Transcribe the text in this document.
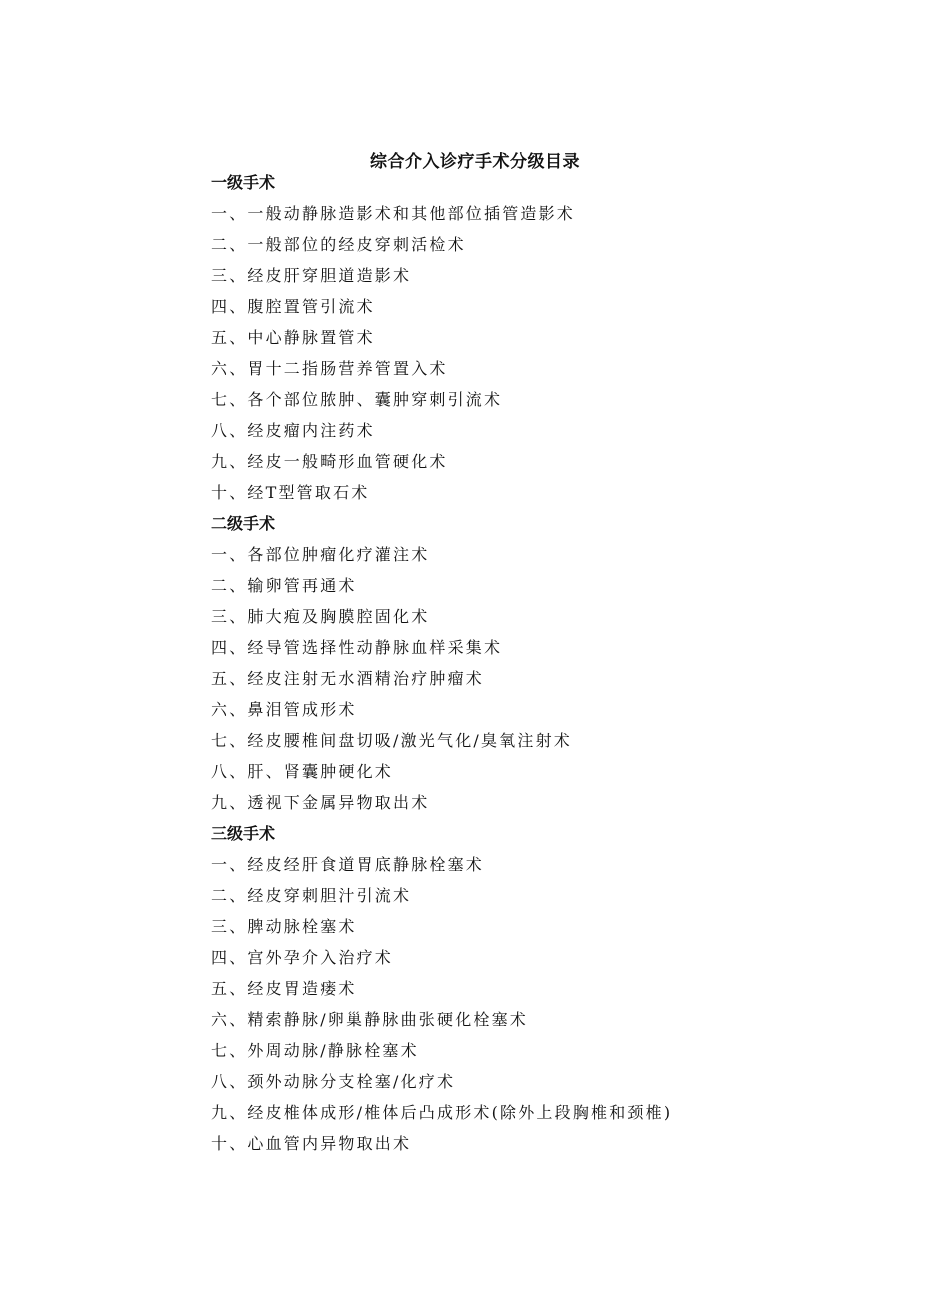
综合介入诊疗手术分级目录
一级手术
一、一般动静脉造影术和其他部位插管造影术
二、一般部位的经皮穿刺活检术
三、经皮肝穿胆道造影术
四、腹腔置管引流术
五、中心静脉置管术
六、胃十二指肠营养管置入术
七、各个部位脓肿、囊肿穿刺引流术
八、经皮瘤内注药术
九、经皮一般畸形血管硬化术
十、经T型管取石术
二级手术
一、各部位肿瘤化疗灌注术
二、输卵管再通术
三、肺大疱及胸膜腔固化术
四、经导管选择性动静脉血样采集术
五、经皮注射无水酒精治疗肿瘤术
六、鼻泪管成形术
七、经皮腰椎间盘切吸/激光气化/臭氧注射术
八、肝、肾囊肿硬化术
九、透视下金属异物取出术
三级手术
一、经皮经肝食道胃底静脉栓塞术
二、经皮穿刺胆汁引流术
三、脾动脉栓塞术
四、宫外孕介入治疗术
五、经皮胃造瘘术
六、精索静脉/卵巢静脉曲张硬化栓塞术
七、外周动脉/静脉栓塞术
八、颈外动脉分支栓塞/化疗术
九、经皮椎体成形/椎体后凸成形术(除外上段胸椎和颈椎)
十、心血管内异物取出术
